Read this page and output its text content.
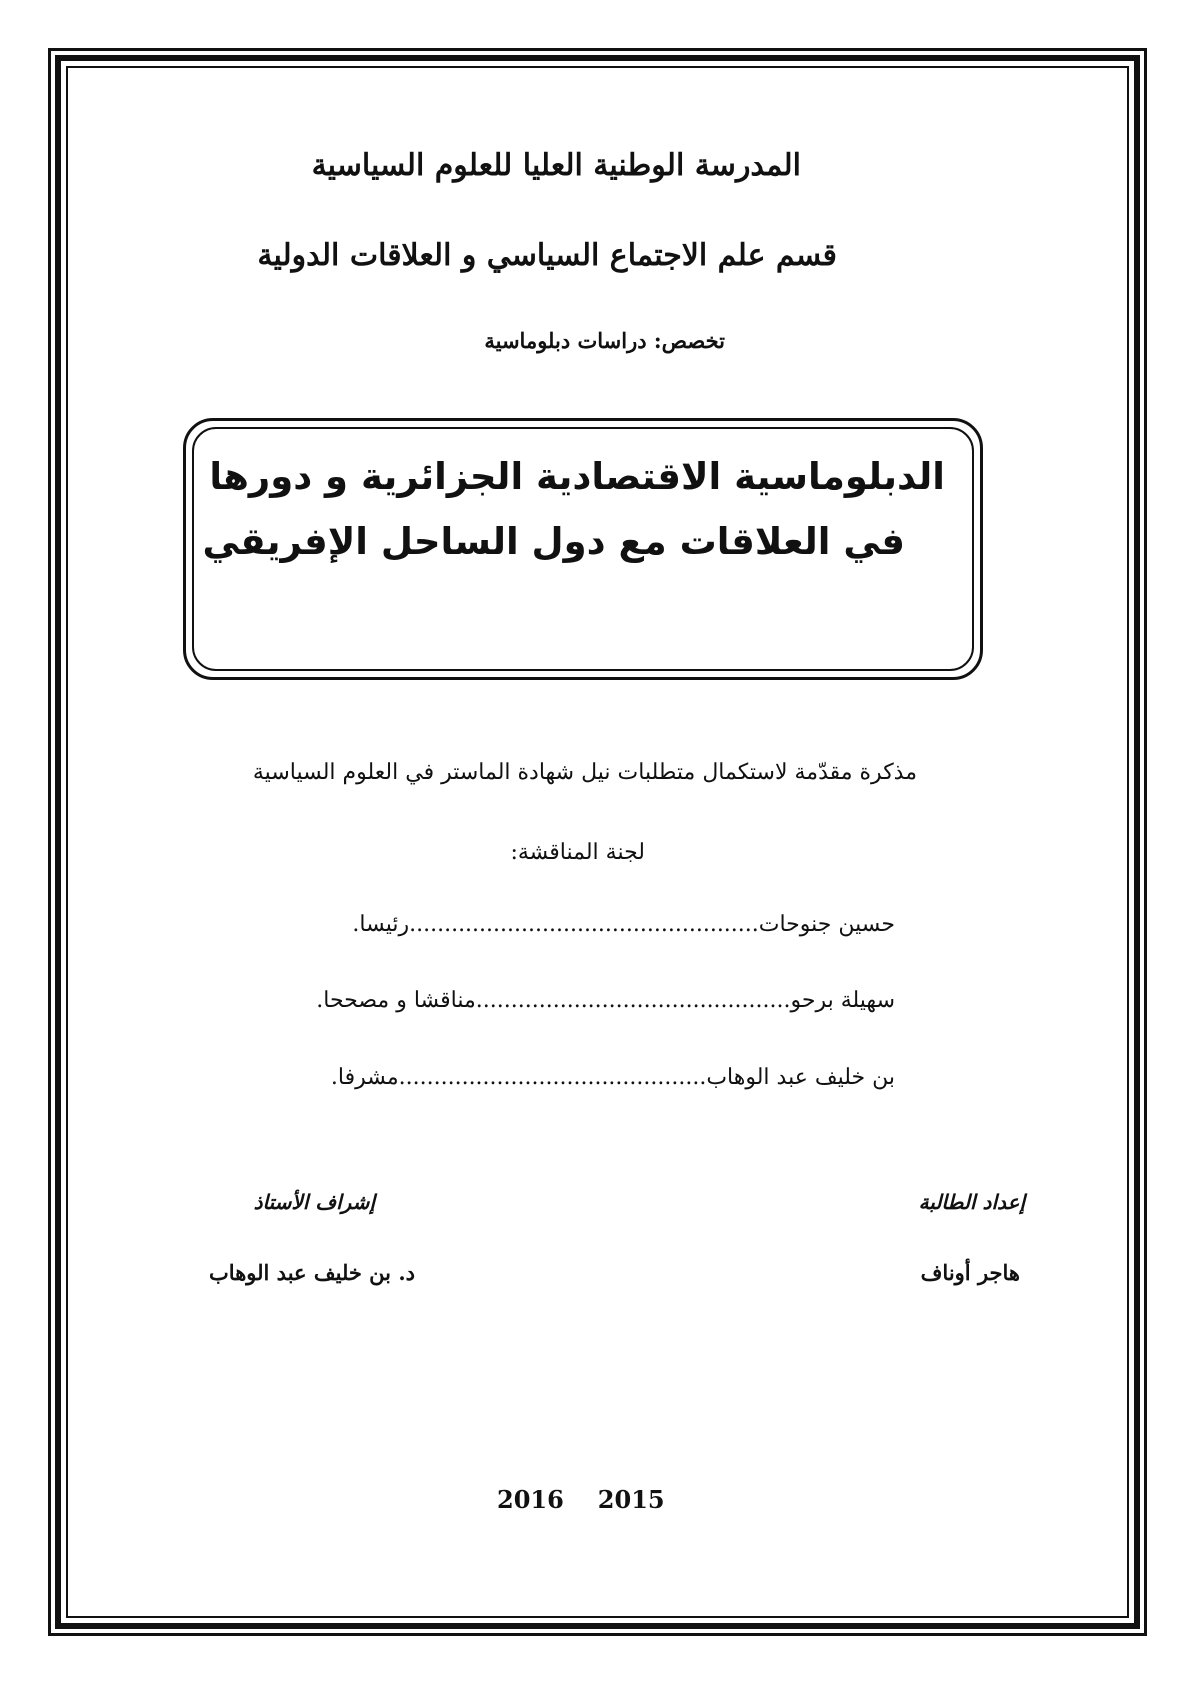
المدرسة الوطنية العليا للعلوم السياسية
قسم علم الاجتماع السياسي و العلاقات الدولية
تخصص: دراسات دبلوماسية
الدبلوماسية الاقتصادية الجزائرية و دورها
في العلاقات مع دول الساحل الإفريقي
مذكرة مقدّمة لاستكمال متطلبات نيل شهادة الماستر في العلوم السياسية
لجنة المناقشة:
حسين جنوحات..................................................رئيسا.
سهيلة برحو.............................................مناقشا و مصححا.
بن خليف عبد الوهاب............................................مشرفا.
إعداد الطالبة
إشراف الأستاذ
هاجر أوناف
د. بن خليف عبد الوهاب
2016 2015
